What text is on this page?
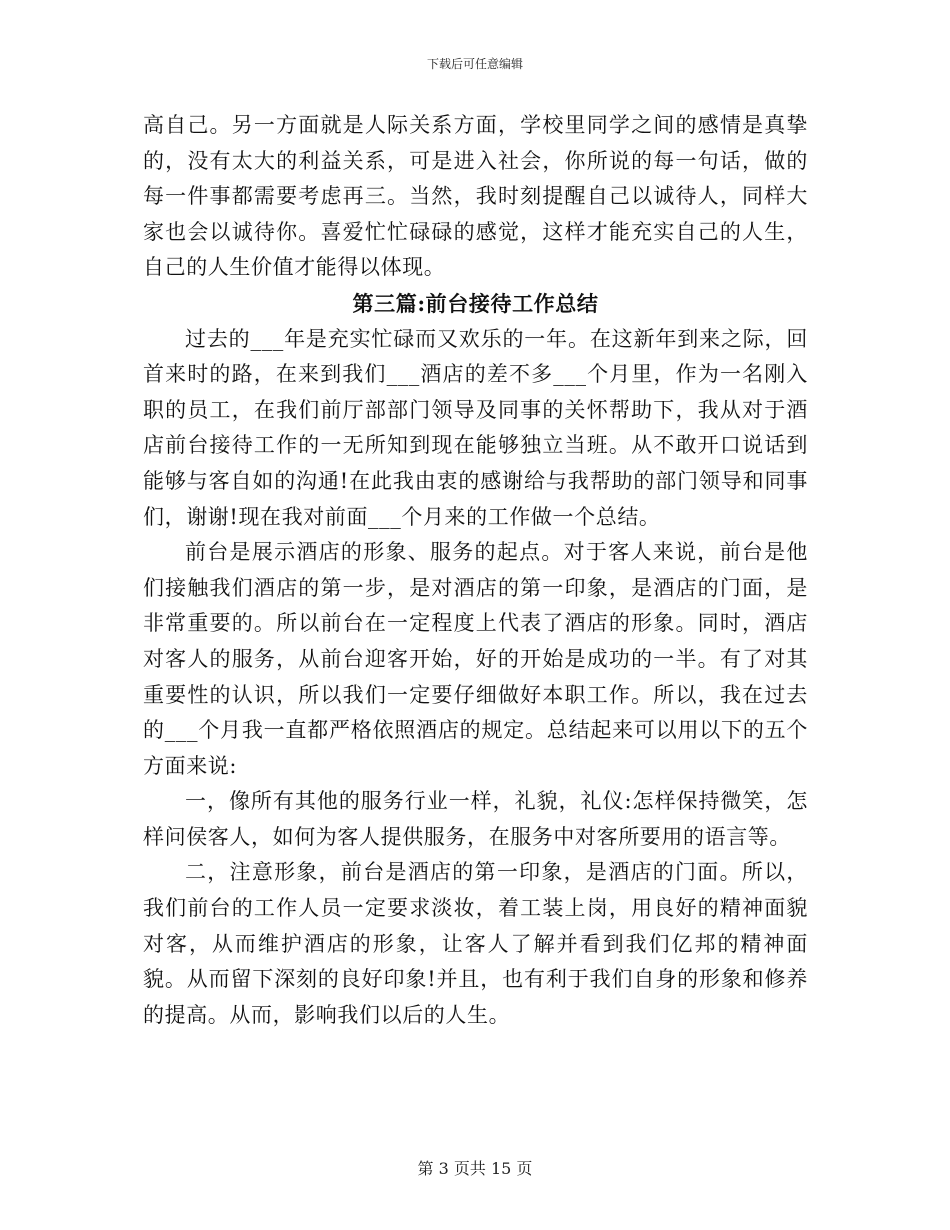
下载后可任意编辑

高自己。另一方面就是人际关系方面，学校里同学之间的感情是真挚的，没有太大的利益关系，可是进入社会，你所说的每一句话，做的每一件事都需要考虑再三。当然，我时刻提醒自己以诚待人，同样大家也会以诚待你。喜爱忙忙碌碌的感觉，这样才能充实自己的人生，自己的人生价值才能得以体现。

第三篇:前台接待工作总结

过去的___年是充实忙碌而又欢乐的一年。在这新年到来之际，回首来时的路，在来到我们___酒店的差不多___个月里，作为一名刚入职的员工，在我们前厅部部门领导及同事的关怀帮助下，我从对于酒店前台接待工作的一无所知到现在能够独立当班。从不敢开口说话到能够与客自如的沟通!在此我由衷的感谢给与我帮助的部门领导和同事们，谢谢!现在我对前面___个月来的工作做一个总结。

前台是展示酒店的形象、服务的起点。对于客人来说，前台是他们接触我们酒店的第一步，是对酒店的第一印象，是酒店的门面，是非常重要的。所以前台在一定程度上代表了酒店的形象。同时，酒店对客人的服务，从前台迎客开始，好的开始是成功的一半。有了对其重要性的认识，所以我们一定要仔细做好本职工作。所以，我在过去的___个月我一直都严格依照酒店的规定。总结起来可以用以下的五个方面来说:

一，像所有其他的服务行业一样，礼貌，礼仪:怎样保持微笑，怎样问侯客人，如何为客人提供服务，在服务中对客所要用的语言等。

二，注意形象，前台是酒店的第一印象，是酒店的门面。所以，我们前台的工作人员一定要求淡妆，着工装上岗，用良好的精神面貌对客，从而维护酒店的形象，让客人了解并看到我们亿邦的精神面貌。从而留下深刻的良好印象!并且，也有利于我们自身的形象和修养的提高。从而，影响我们以后的人生。

第 3 页共 15 页
